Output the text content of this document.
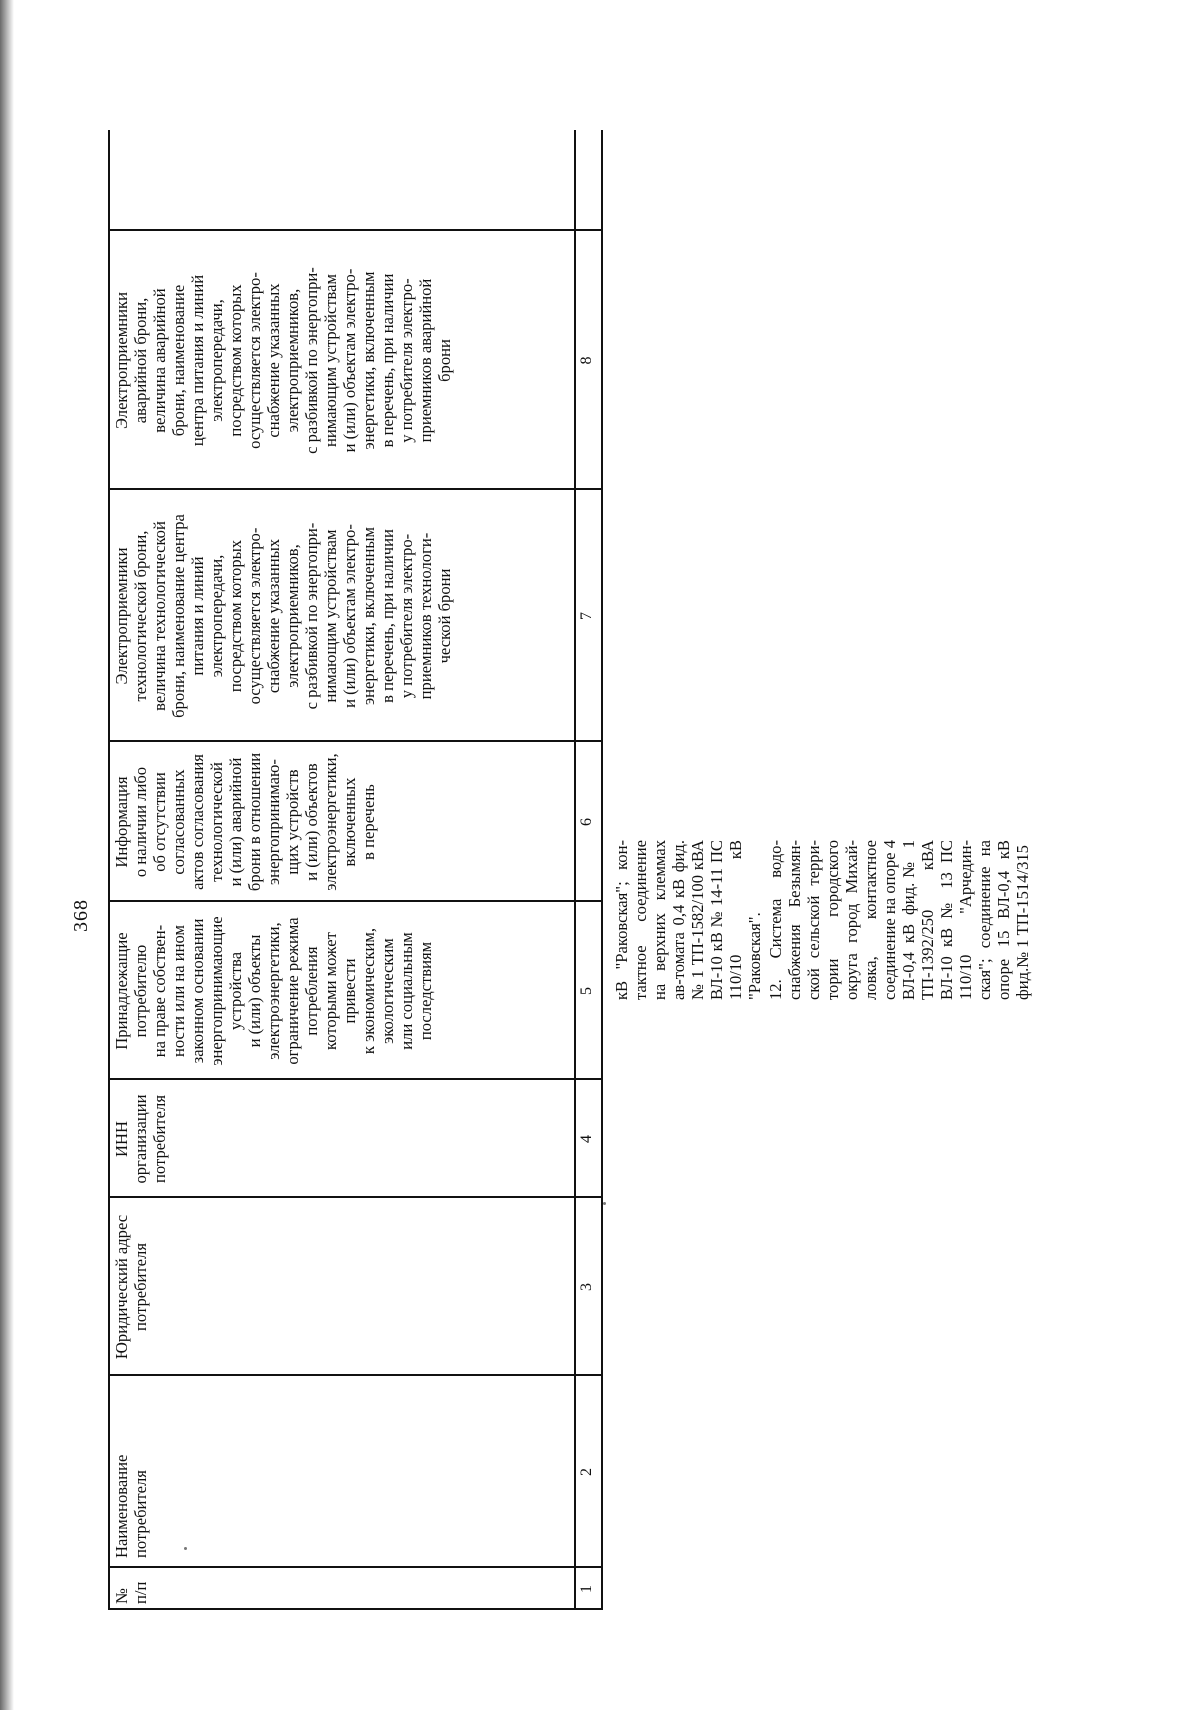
368
№
п/п
Наименование
потребителя
Юридический адрес
потребителя
ИНН
организации
потребителя
Принадлежащие
потребителю
на праве собствен-
ности или на ином
законном основании
энергопринимающие
устройства
и (или) объекты
электроэнергетики,
ограничение режима
потребления
которыми может
привести
к экономическим,
экологическим
или социальным
последствиям
Информация
о наличии либо
об отсутствии
согласованных
актов согласования
технологической
и (или) аварийной
брони в отношении
энергопринимаю-
щих устройств
и (или) объектов
электроэнергетики,
включенных
в перечень
Электроприемники
технологической брони,
величина технологической
брони, наименование центра
питания и линий
электропередачи,
посредством которых
осуществляется электро-
снабжение указанных
электроприемников,
с разбивкой по энергопри-
нимающим устройствам
и (или) объектам электро-
энергетики, включенным
в перечень, при наличии
у потребителя электро-
приемников технологи-
ческой брони
Электроприемники
аварийной брони,
величина аварийной
брони, наименование
центра питания и линий
электропередачи,
посредством которых
осуществляется электро-
снабжение указанных
электроприемников,
с разбивкой по энергопри-
нимающим устройствам
и (или) объектам электро-
энергетики, включенным
в перечень, при наличии
у потребителя электро-
приемников аварийной
брони
1
2
3
4
5
6
7
8
кВ "Раковская"; кон-тактное соединение на верхних клеммах ав-томата 0,4 кВ фид.№ 1 ТП-1582/100 кВА ВЛ-10 кВ № 14-11 ПС 110/10 кВ "Раковская". 12. Система водо-снабжения Безымян-ской сельской терри-тории городского округа город Михай-ловка, контактное соединение на опоре 4 ВЛ-0,4 кВ фид.№ 1 ТП-1392/250 кВА ВЛ-10 кВ № 13 ПС 110/10 "Арчедин-ская"; соединение на опоре 15 ВЛ-0,4 кВ фид.№ 1 ТП-1514/315
